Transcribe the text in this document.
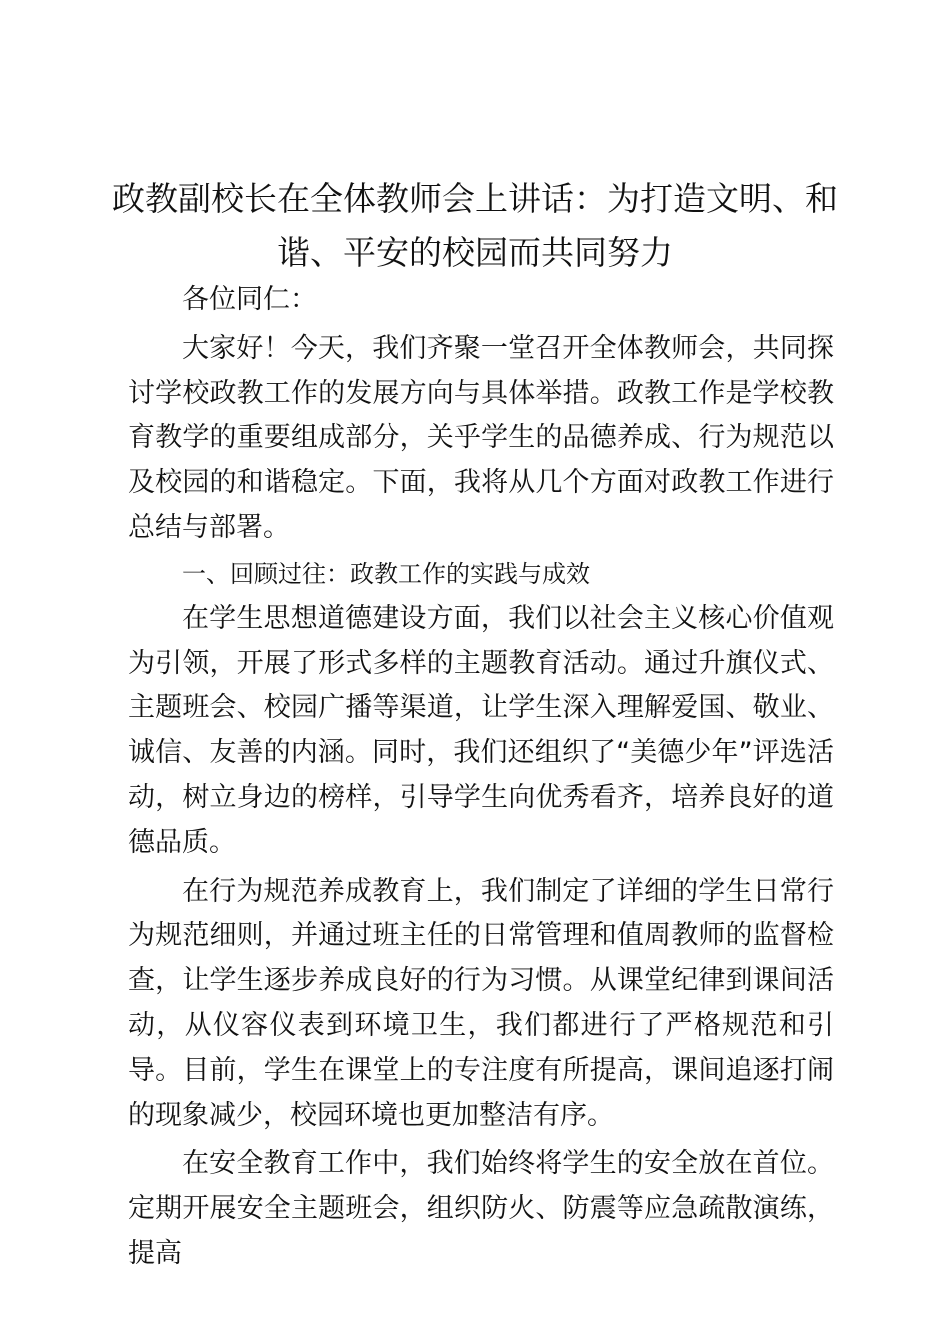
政教副校长在全体教师会上讲话：为打造文明、和谐、平安的校园而共同努力

各位同仁：

大家好！今天，我们齐聚一堂召开全体教师会，共同探讨学校政教工作的发展方向与具体举措。政教工作是学校教育教学的重要组成部分，关乎学生的品德养成、行为规范以及校园的和谐稳定。下面，我将从几个方面对政教工作进行总结与部署。

一、回顾过往：政教工作的实践与成效

在学生思想道德建设方面，我们以社会主义核心价值观为引领，开展了形式多样的主题教育活动。通过升旗仪式、主题班会、校园广播等渠道，让学生深入理解爱国、敬业、诚信、友善的内涵。同时，我们还组织了“美德少年”评选活动，树立身边的榜样，引导学生向优秀看齐，培养良好的道德品质。

在行为规范养成教育上，我们制定了详细的学生日常行为规范细则，并通过班主任的日常管理和值周教师的监督检查，让学生逐步养成良好的行为习惯。从课堂纪律到课间活动，从仪容仪表到环境卫生，我们都进行了严格规范和引导。目前，学生在课堂上的专注度有所提高，课间追逐打闹的现象减少，校园环境也更加整洁有序。

在安全教育工作中，我们始终将学生的安全放在首位。定期开展安全主题班会，组织防火、防震等应急疏散演练，提高
